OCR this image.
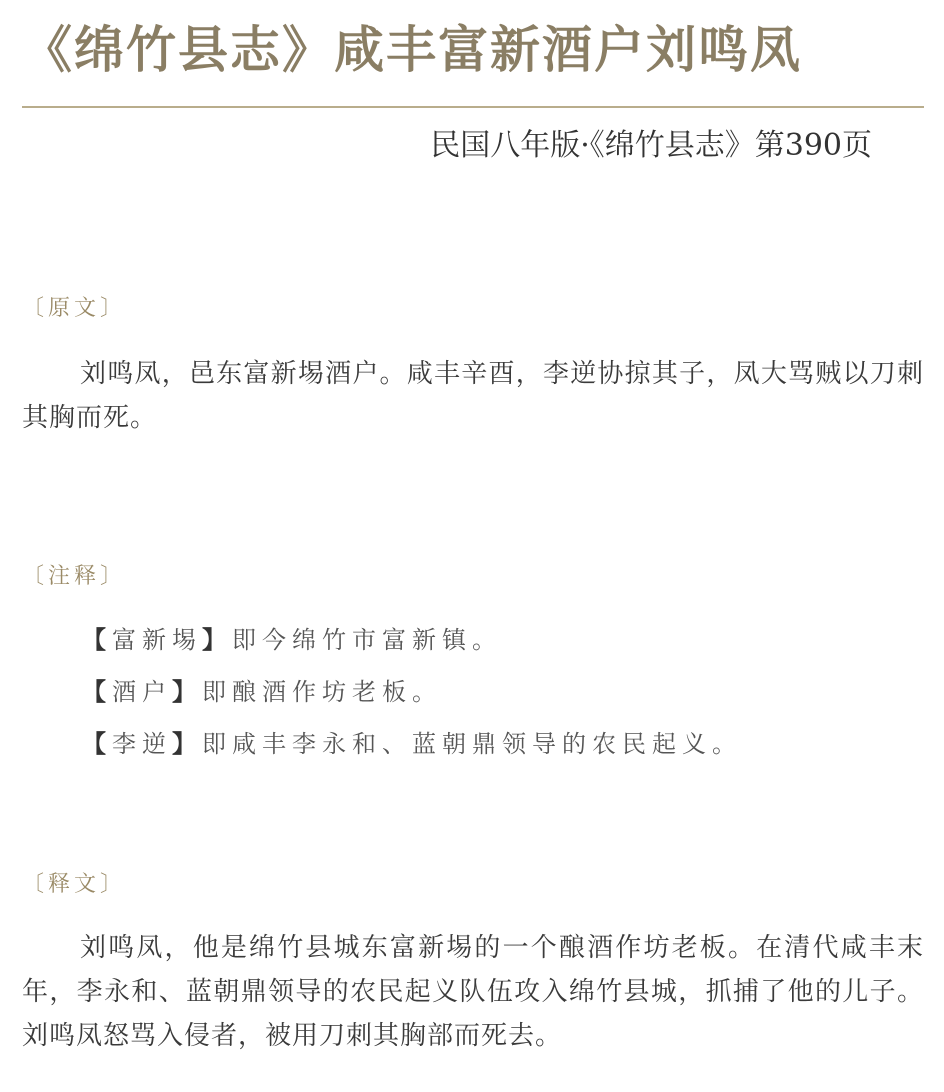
《绵竹县志》咸丰富新酒户刘鸣凤
民国八年版·《绵竹县志》第390页
〔原文〕

刘鸣凤，邑东富新埸酒户。咸丰辛酉，李逆协掠其子，凤大骂贼以刀刺其胸而死。

〔注释〕
【富新埸】即今绵竹市富新镇。
【酒户】即酿酒作坊老板。
【李逆】即咸丰李永和、蓝朝鼎领导的农民起义。
〔释文〕

刘鸣凤，他是绵竹县城东富新埸的一个酿酒作坊老板。在清代咸丰末年，李永和、蓝朝鼎领导的农民起义队伍攻入绵竹县城，抓捕了他的儿子。刘鸣凤怒骂入侵者，被用刀刺其胸部而死去。
